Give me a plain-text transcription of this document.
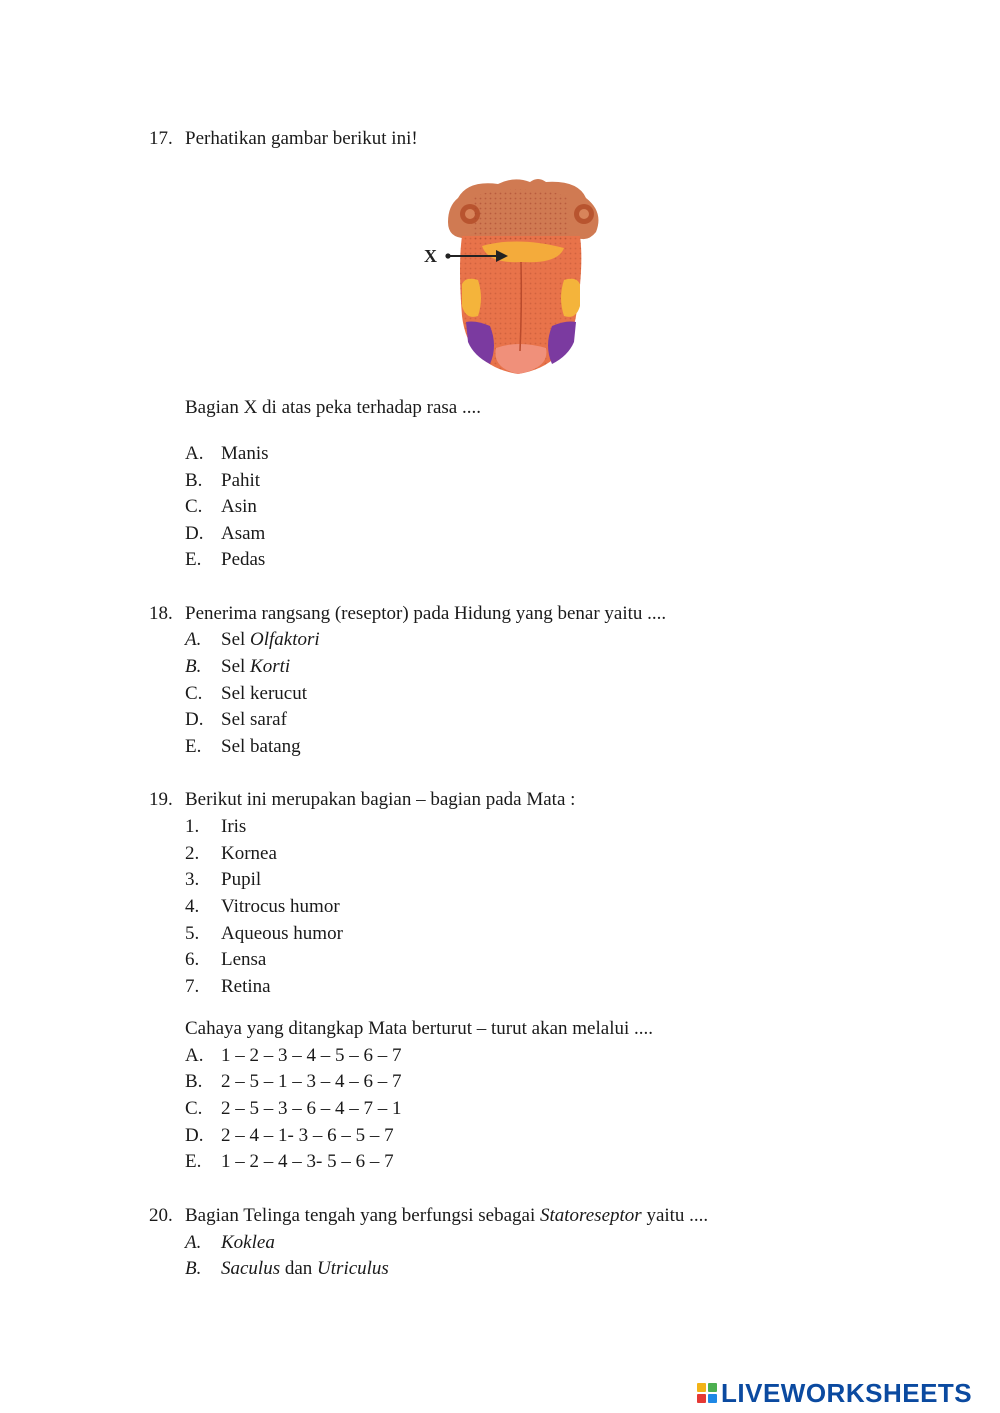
17. Perhatikan gambar berikut ini!
X
Bagian X di atas peka terhadap rasa ....
A. Manis
B. Pahit
C. Asin
D. Asam
E. Pedas
18. Penerima rangsang (reseptor) pada Hidung yang benar yaitu ....
A. Sel Olfaktori
B. Sel Korti
C. Sel kerucut
D. Sel saraf
E. Sel batang
19. Berikut ini merupakan bagian – bagian pada Mata :
1. Iris
2. Kornea
3. Pupil
4. Vitrocus humor
5. Aqueous humor
6. Lensa
7. Retina
Cahaya yang ditangkap Mata berturut – turut akan melalui ....
A. 1 – 2 – 3 – 4 – 5 – 6 – 7
B. 2 – 5 – 1 – 3 – 4 – 6 – 7
C. 2 – 5 – 3 – 6 – 4 – 7 – 1
D. 2 – 4 – 1- 3 – 6 – 5 – 7
E. 1 – 2 – 4 – 3- 5 – 6 – 7
20. Bagian Telinga tengah yang berfungsi sebagai Statoreseptor yaitu ....
A. Koklea
B. Saculus dan Utriculus
LIVEWORKSHEETS
